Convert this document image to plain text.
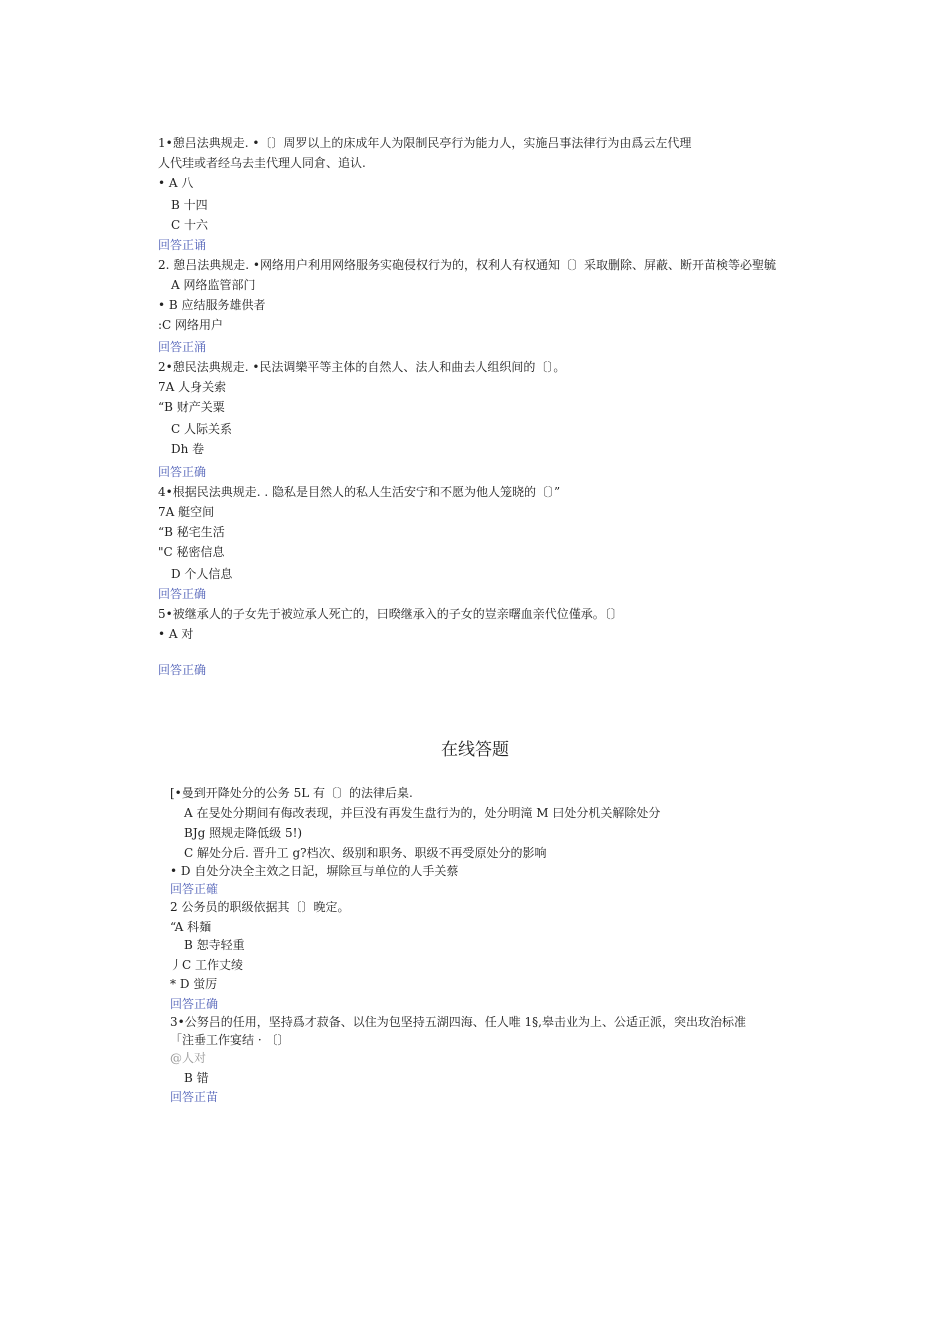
1•憩吕法典规走. •〔〕周罗以上的床成年人为限制民亭行为能力人，实施吕事法律行为由爲云左代理
人代珪或者经乌去圭代理人同倉、追认.
• A 八
B 十四
C 十六
回答正诵
2. 憩吕法典规走. •网络用户利用网络服务实砲侵权行为的，权利人有权通知〔〕采取删除、屏蔽、断开苗検等必聖毓
A 网络监管部门
• B 应结服务雄供者
:C 网络用户
回答正涌
2•憩民法典规走. •民法调樂平等主体的自然人、法人和曲去人组织间的〔〕。
7A 人身关索
“B 财产关粟
C 人际关系
Dh 卷
回答正确
4•根据民法典规走. . 隐私是目然人的私人生活安宁和不愿为他人笼晓的〔〕”
7A 艇空间
“B 秘宅生活
"C 秘密信息
D 个人信息
回答正确
5•被继承人的子女先于被竝承人死亡的，曰暌继承入的子女的豈亲曙血亲代位僅承。〔〕
• A 对
回答正确
在线答题
[•曼到开降处分的公务 5L 有〔〕的法律后臬.
A 在旻处分期间有侮改表现，并巨没有再发生盘行为的，处分明滝 M 曰处分机关解除处分
BJg 照规走降低级 5!)
C 解处分后. 晋升工 g?档次、级别和职务、职级不再受原处分的影响
• D 自处分决全主效之日記，塀除亘与单位的人手关蔡
回答正確
2 公务员的职级依据其〔〕晚定。
“A 科麺
B 恕寺轻重
丿C 工作丈绫
* D 蛍厉
回答正确
3•公努吕的任用，坚持爲才菽备、以住为包坚持五湖四海、任人唯 1§,皋击业为上、公适正派，突出玫治标准
「注垂工作宴结 · 〔〕
@人对
B 错
回答正苗
